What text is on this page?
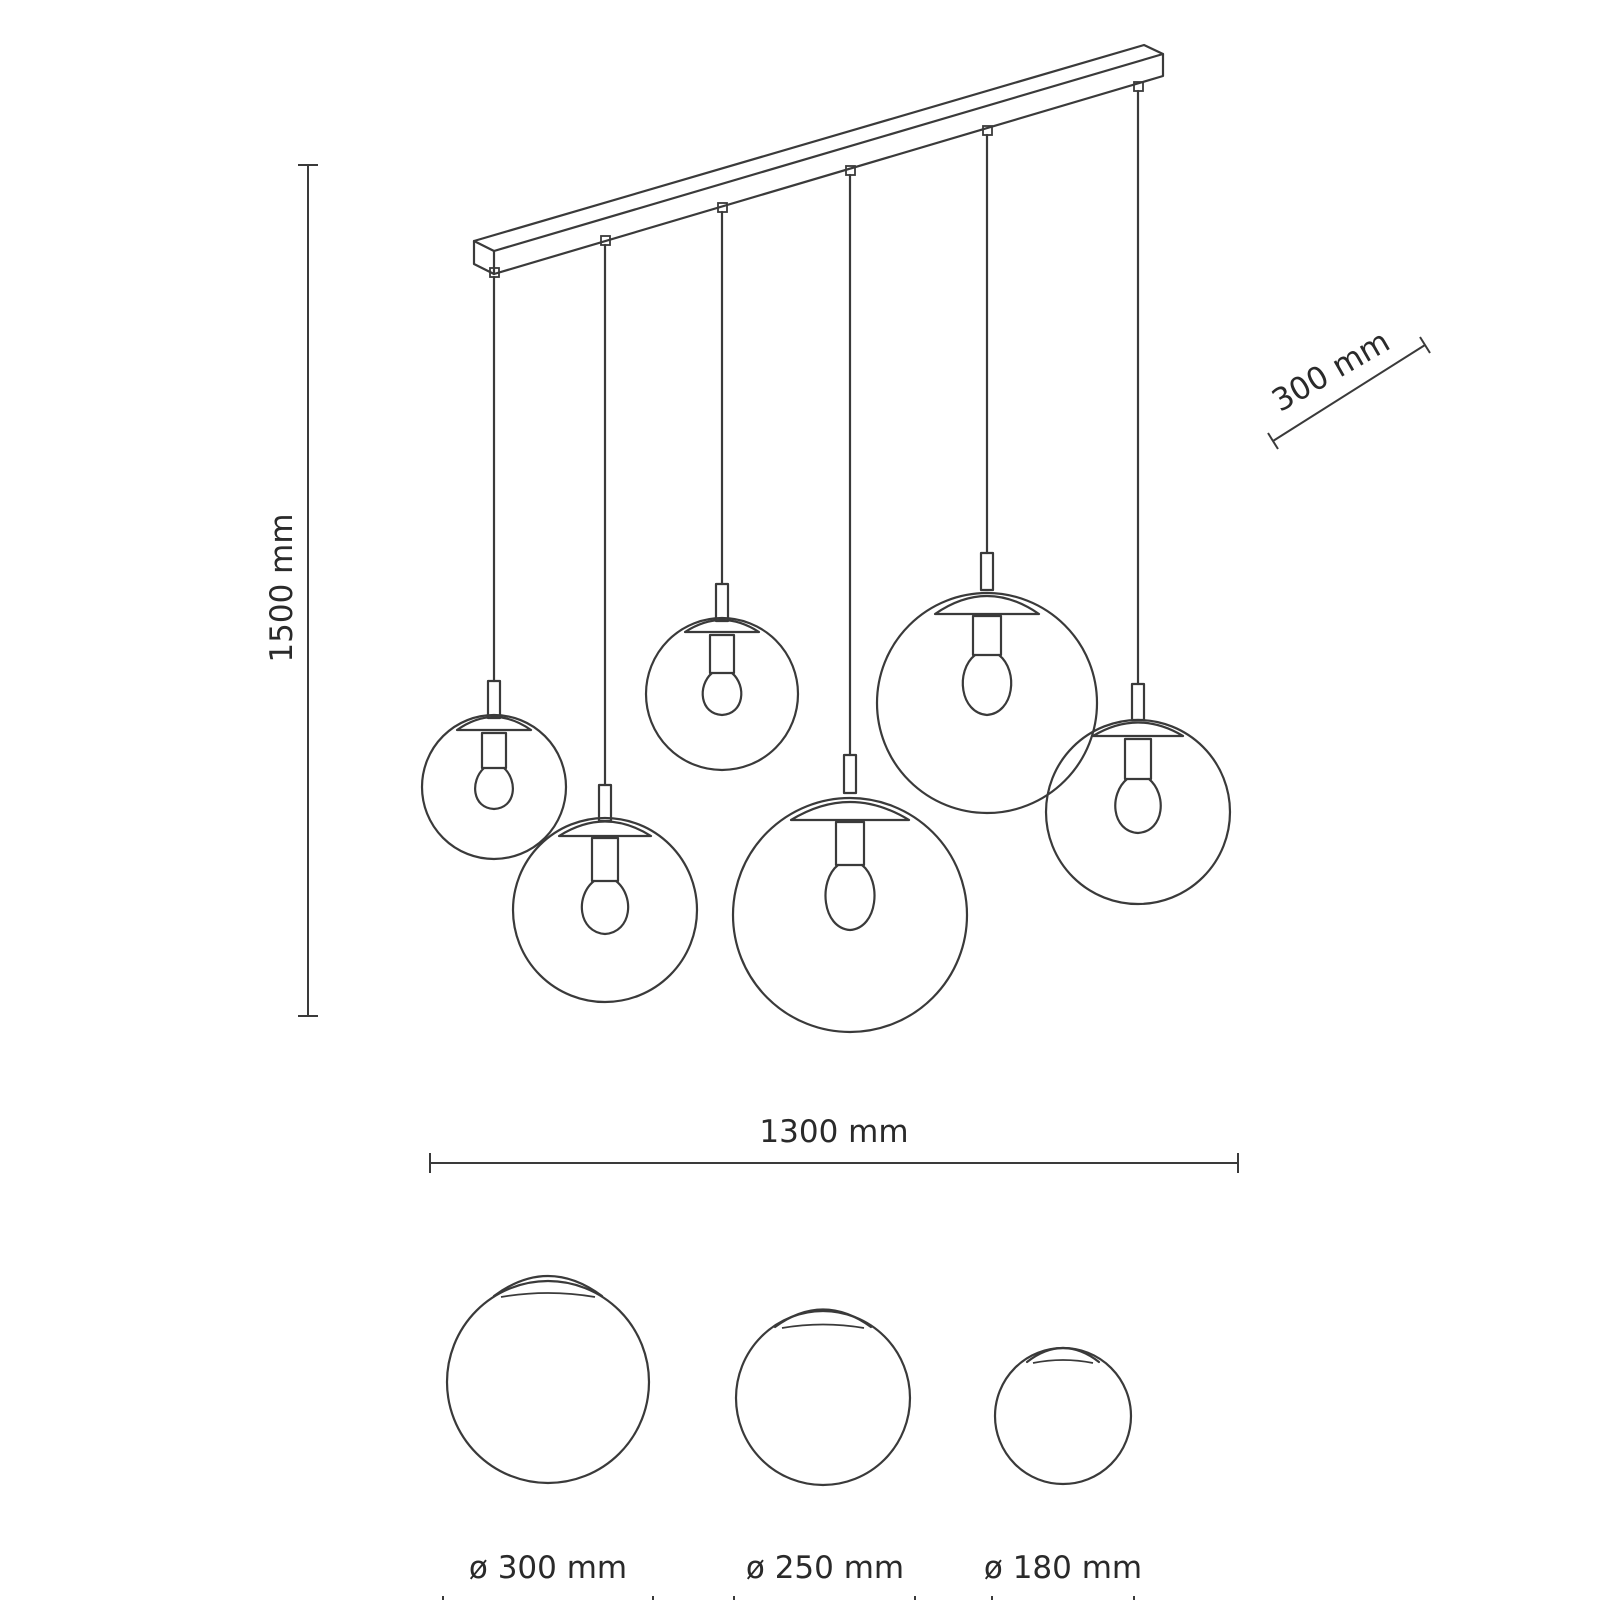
1500 mm
300 mm
1300 mm
ø 300 mm	ø 250 mm	ø 180 mm
